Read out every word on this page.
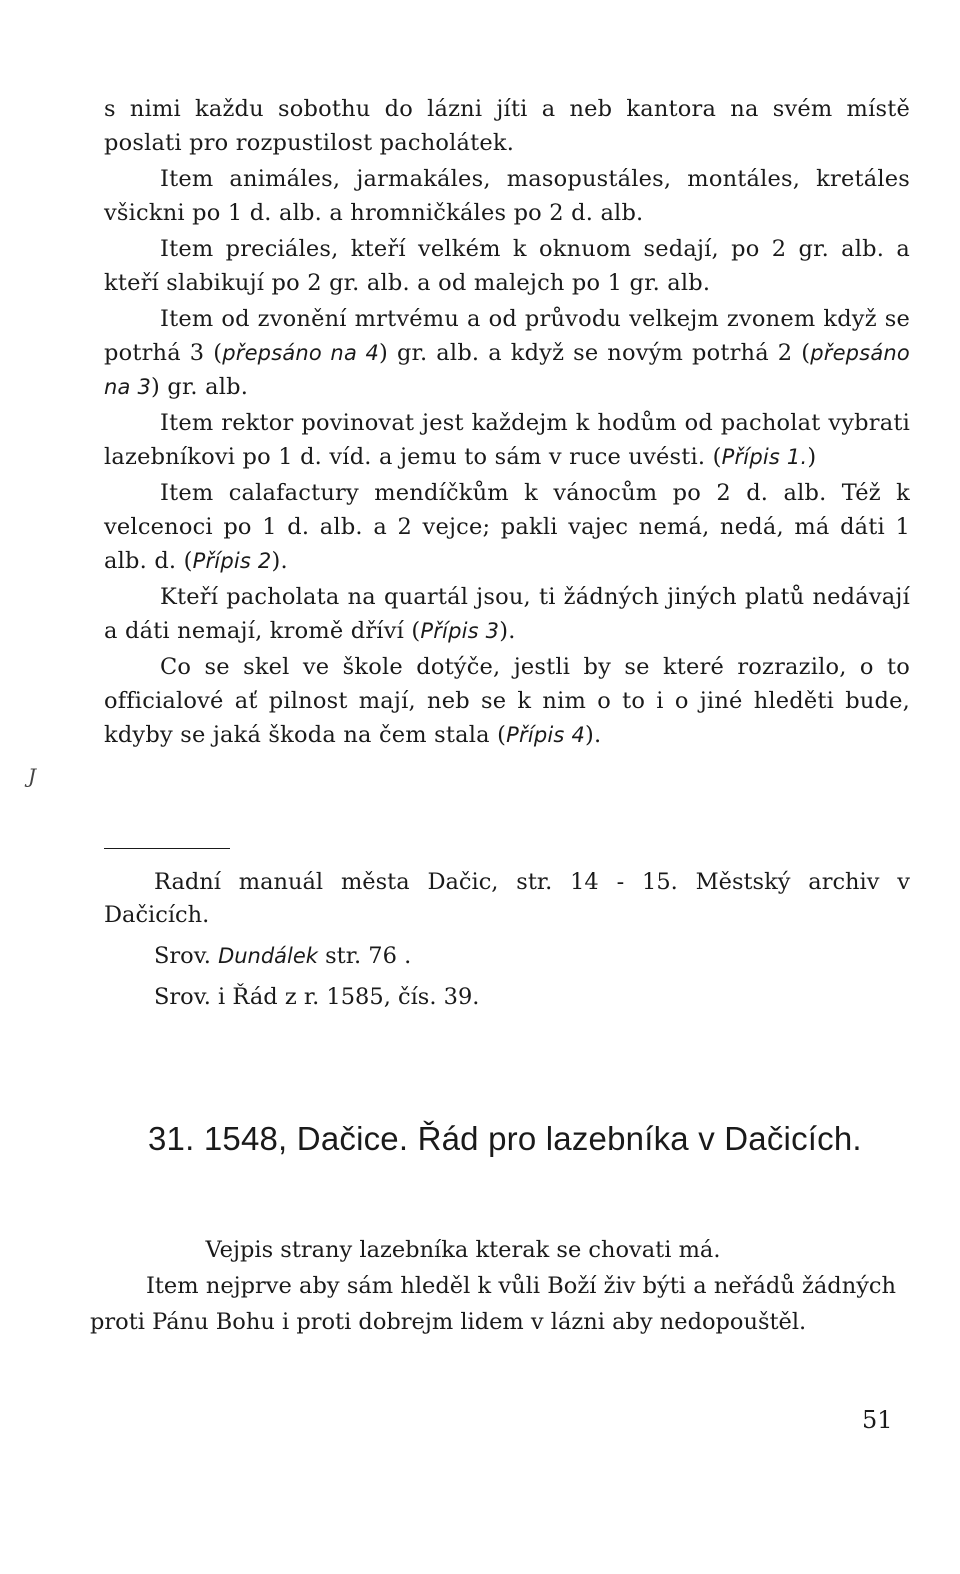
s nimi každu sobothu do lázni jíti a neb kantora na svém místě poslati pro rozpustilost pacholátek.

Item animáles, jarmakáles, masopustáles, montáles, kretáles všickni po 1 d. alb. a hromničkáles po 2 d. alb.

Item preciáles, kteří velkém k oknuom sedají, po 2 gr. alb. a kteří slabikují po 2 gr. alb. a od malejch po 1 gr. alb.

Item od zvonění mrtvému a od průvodu velkejm zvonem když se potrhá 3 (přepsáno na 4) gr. alb. a když se novým potrhá 2 (přepsáno na 3) gr. alb.

Item rektor povinovat jest každejm k hodům od pacholat vybrati lazebníkovi po 1 d. víd. a jemu to sám v ruce uvésti. (Přípis 1.)

Item calafactury mendíčkům k vánocům po 2 d. alb. Též k velcenoci po 1 d. alb. a 2 vejce; pakli vajec nemá, nedá, má dáti 1 alb. d. (Přípis 2).

Kteří pacholata na quartál jsou, ti žádných jiných platů nedávají a dáti nemají, kromě dříví (Přípis 3).

Co se skel ve škole dotýče, jestli by se které rozrazilo, o to officialové ať pilnost mají, neb se k nim o to i o jiné hleděti bude, kdyby se jaká škoda na čem stala (Přípis 4).

J

Radní manuál města Dačic, str. 14 - 15. Městský archiv v Dačicích.

Srov. Dundálek str. 76 .

Srov. i Řád z r. 1585, čís. 39.

31. 1548, Dačice. Řád pro lazebníka v Dačicích.

Vejpis strany lazebníka kterak se chovati má.

Item nejprve aby sám hleděl k vůli Boží živ býti a neřádů žádných proti Pánu Bohu i proti dobrejm lidem v lázni aby nedopouštěl.

51
